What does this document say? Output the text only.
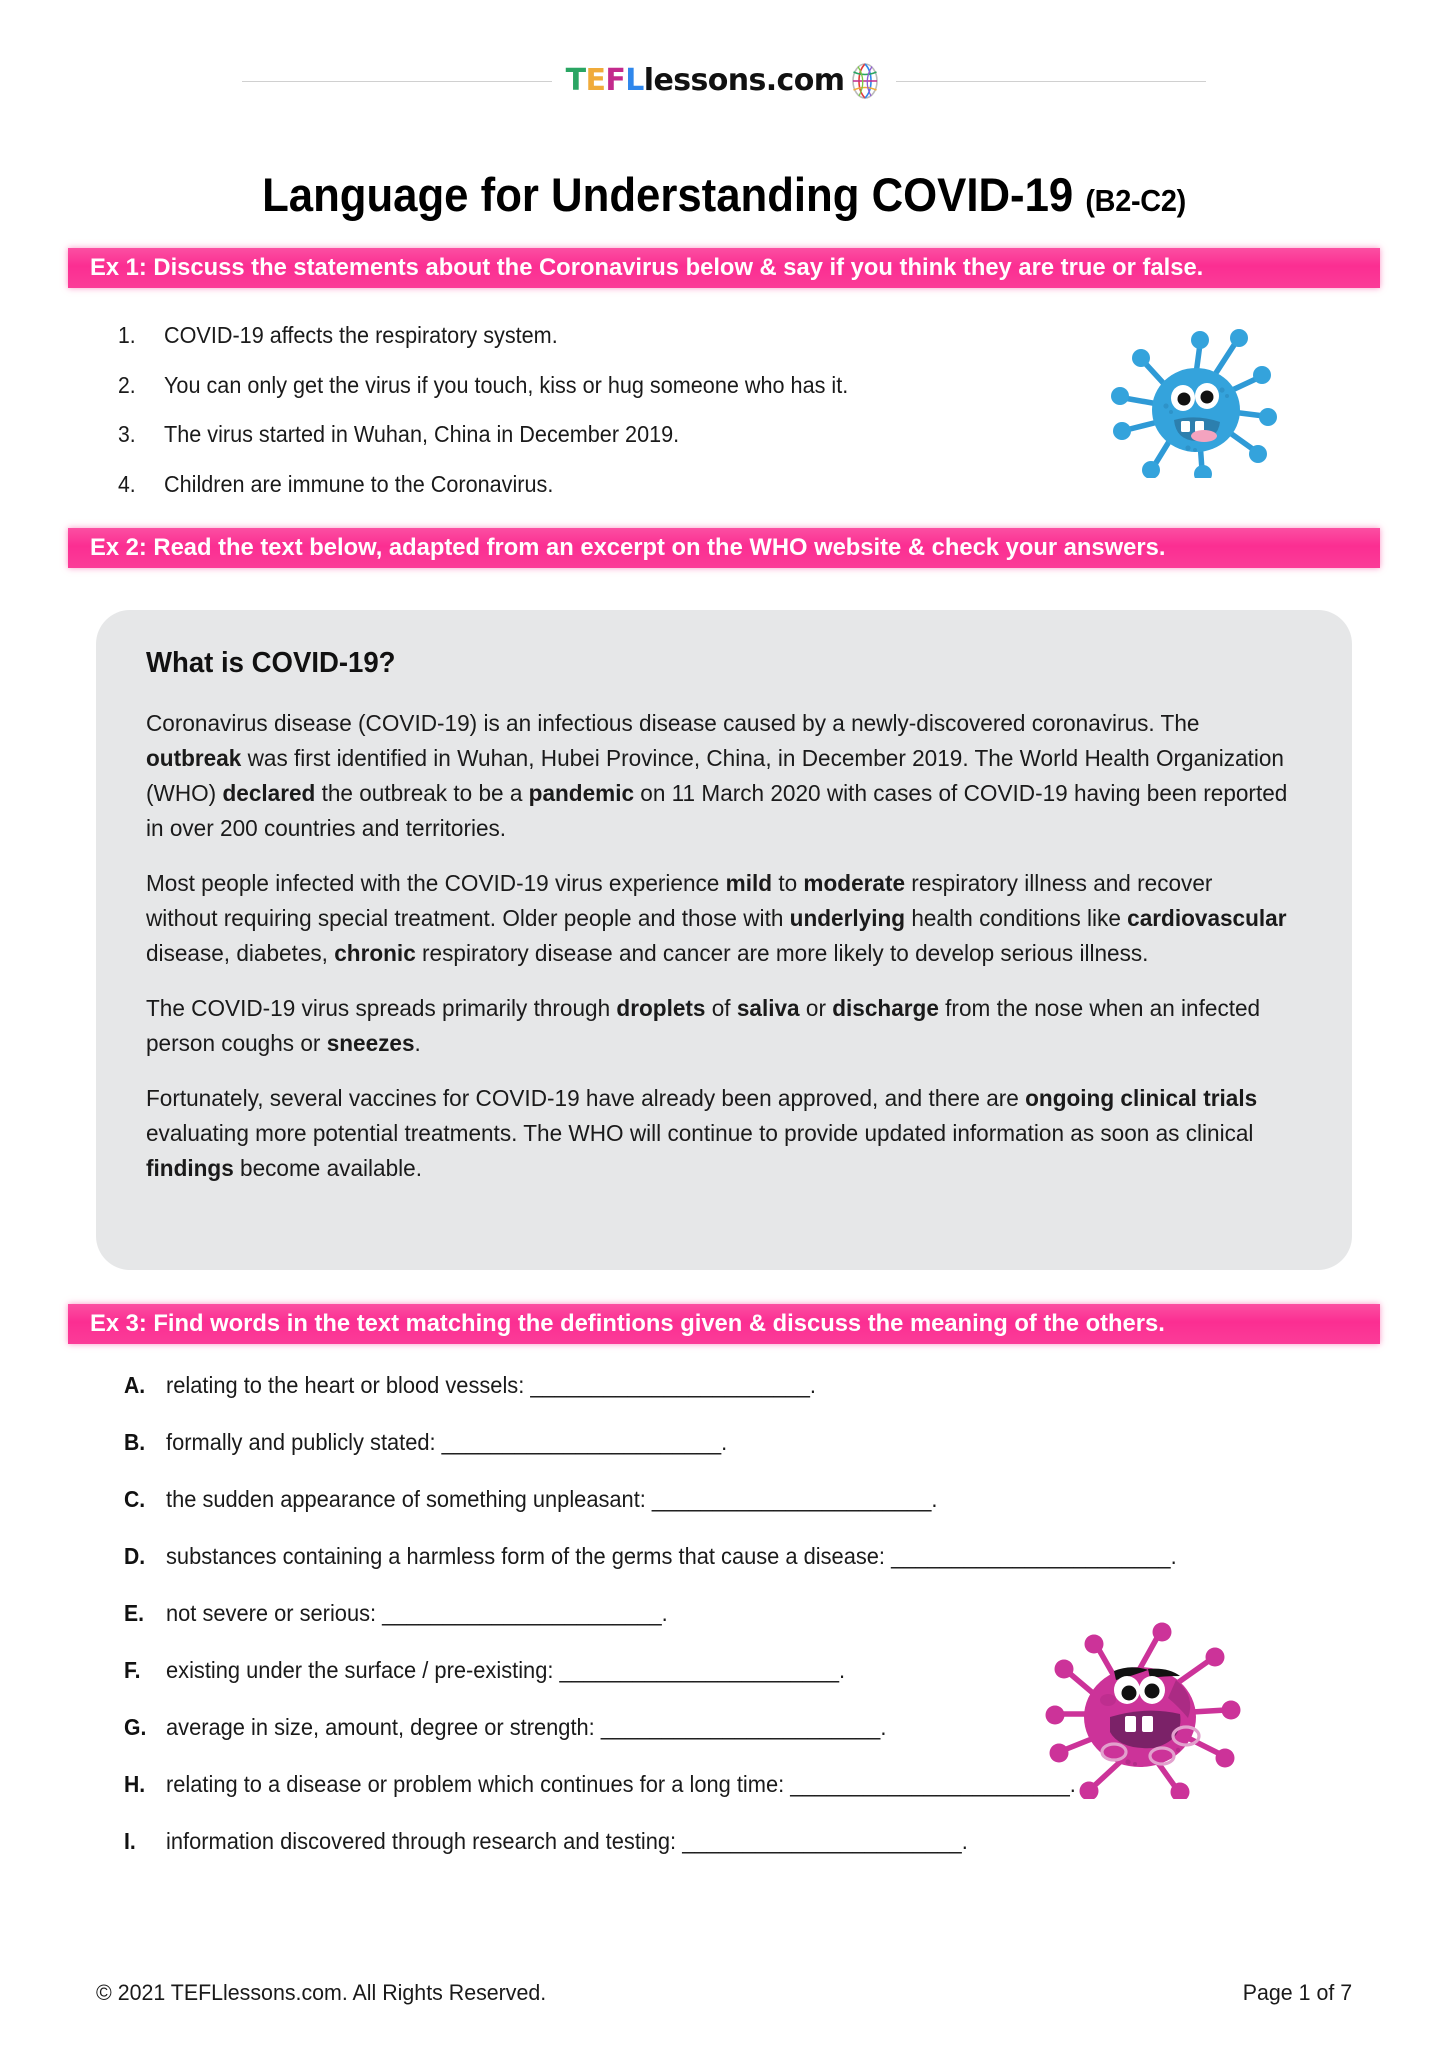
TEFLlessons.com
Language for Understanding COVID-19 (B2-C2)
Ex 1: Discuss the statements about the Coronavirus below & say if you think they are true or false.
1.	COVID-19 affects the respiratory system.
2.	You can only get the virus if you touch, kiss or hug someone who has it.
3.	The virus started in Wuhan, China in December 2019.
4.	Children are immune to the Coronavirus.
Ex 2: Read the text below, adapted from an excerpt on the WHO website & check your answers.
What is COVID-19?

Coronavirus disease (COVID-19) is an infectious disease caused by a newly-discovered coronavirus. The outbreak was first identified in Wuhan, Hubei Province, China, in December 2019. The World Health Organization (WHO) declared the outbreak to be a pandemic on 11 March 2020 with cases of COVID-19 having been reported in over 200 countries and territories.

Most people infected with the COVID-19 virus experience mild to moderate respiratory illness and recover without requiring special treatment. Older people and those with underlying health conditions like cardiovascular disease, diabetes, chronic respiratory disease and cancer are more likely to develop serious illness.

The COVID-19 virus spreads primarily through droplets of saliva or discharge from the nose when an infected person coughs or sneezes.

Fortunately, several vaccines for COVID-19 have already been approved, and there are ongoing clinical trials evaluating more potential treatments. The WHO will continue to provide updated information as soon as clinical findings become available.

Ex 3: Find words in the text matching the defintions given & discuss the meaning of the others.
A. relating to the heart or blood vessels: _______________________.
B. formally and publicly stated: _______________________.
C. the sudden appearance of something unpleasant: _______________________.
D. substances containing a harmless form of the germs that cause a disease: _______________________.
E. not severe or serious: _______________________.
F.	existing under the surface / pre-existing: _______________________.
G. average in size, amount, degree or strength: _______________________.
H. relating to a disease or problem which continues for a long time: _______________________.
I.	information discovered through research and testing: _______________________.
© 2021 TEFLlessons.com. All Rights Reserved.	Page 1 of 7
